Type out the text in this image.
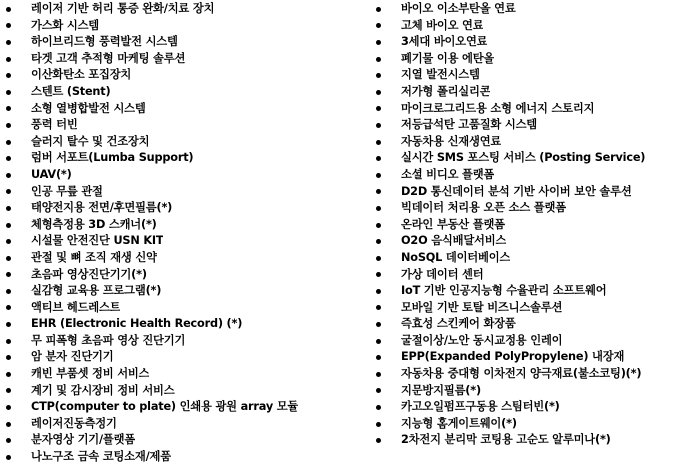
레이저 기반 허리 통증 완화/치료 장치
가스화 시스템
하이브리드형 풍력발전 시스템
타겟 고객 추적형 마케팅 솔루션
이산화탄소 포집장치
스텐트 (Stent)
소형 열병합발전 시스템
풍력 터빈
슬러지 탈수 및 건조장치
럼버 서포트(Lumba Support)
UAV(*)
인공 무릎 관절
태양전지용 전면/후면필름(*)
체형측정용 3D 스캐너(*)
시설물 안전진단 USN KIT
관절 및 뼈 조직 재생 신약
초음파 영상진단기기(*)
실감형 교육용 프로그램(*)
액티브 헤드레스트
EHR (Electronic Health Record) (*)
무 피폭형 초음파 영상 진단기기
암 분자 진단기기
캐빈 부품셋 정비 서비스
계기 및 감시장비 정비 서비스
CTP(computer to plate) 인쇄용 광원 array 모듈
레이저진동측정기
분자영상 기기/플랫폼
나노구조 금속 코팅소재/제품
바이오 이소부탄올 연료
고체 바이오 연료
3세대 바이오연료
폐기물 이용 에탄올
지열 발전시스템
저가형 폴리실리콘
마이크로그리드용 소형 에너지 스토리지
저등급석탄 고품질화 시스템
자동차용 신재생연료
실시간 SMS 포스팅 서비스 (Posting Service)
소셜 비디오 플랫폼
D2D 통신데이터 분석 기반 사이버 보안 솔루션
빅데이터 처리용 오픈 소스 플랫폼
온라인 부동산 플랫폼
O2O 음식배달서비스
NoSQL 데이터베이스
가상 데이터 센터
IoT 기반 인공지능형 수율관리 소프트웨어
모바일 기반 토탈 비즈니스솔루션
즉효성 스킨케어 화장품
굴절이상/노안 동시교정용 인레이
EPP(Expanded PolyPropylene) 내장재
자동차용 중대형 이차전지 양극재료(불소코팅)(*)
지문방지필름(*)
카고오일펌프구동용 스팀터빈(*)
지능형 홈게이트웨이(*)
2차전지 분리막 코팅용 고순도 알루미나(*)
